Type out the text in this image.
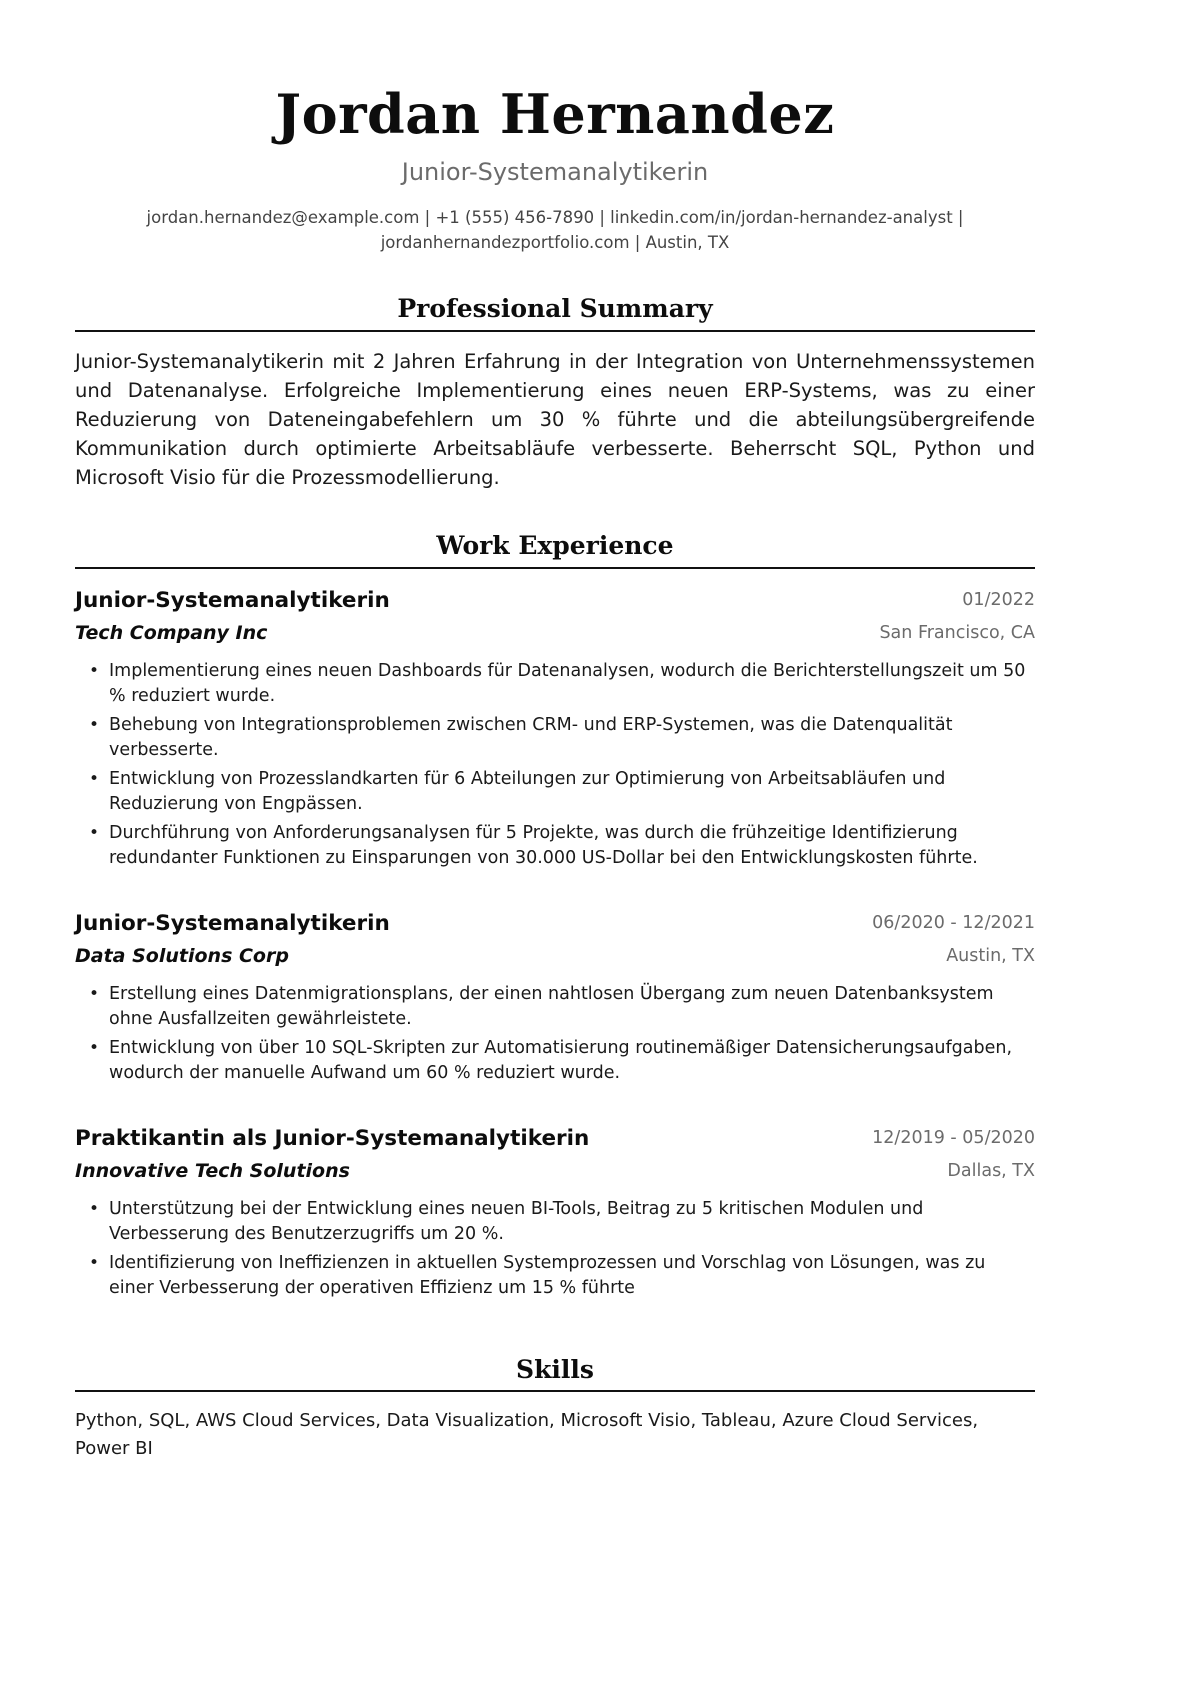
Jordan Hernandez
Junior-Systemanalytikerin
jordan.hernandez@example.com | +1 (555) 456-7890 | linkedin.com/in/jordan-hernandez-analyst |
jordanhernandezportfolio.com | Austin, TX
Professional Summary
Junior-Systemanalytikerin mit 2 Jahren Erfahrung in der Integration von Unternehmenssystemen und Datenanalyse. Erfolgreiche Implementierung eines neuen ERP-Systems, was zu einer Reduzierung von Dateneingabefehlern um 30 % führte und die abteilungsübergreifende Kommunikation durch optimierte Arbeitsabläufe verbesserte. Beherrscht SQL, Python und Microsoft Visio für die Prozessmodellierung.
Work Experience
Junior-Systemanalytikerin	01/2022
Tech Company Inc	San Francisco, CA
• Implementierung eines neuen Dashboards für Datenanalysen, wodurch die Berichterstellungszeit um 50 % reduziert wurde.
• Behebung von Integrationsproblemen zwischen CRM- und ERP-Systemen, was die Datenqualität verbesserte.
• Entwicklung von Prozesslandkarten für 6 Abteilungen zur Optimierung von Arbeitsabläufen und Reduzierung von Engpässen.
• Durchführung von Anforderungsanalysen für 5 Projekte, was durch die frühzeitige Identifizierung redundanter Funktionen zu Einsparungen von 30.000 US-Dollar bei den Entwicklungskosten führte.
Junior-Systemanalytikerin	06/2020 - 12/2021
Data Solutions Corp	Austin, TX
• Erstellung eines Datenmigrationsplans, der einen nahtlosen Übergang zum neuen Datenbanksystem ohne Ausfallzeiten gewährleistete.
• Entwicklung von über 10 SQL-Skripten zur Automatisierung routinemäßiger Datensicherungsaufgaben, wodurch der manuelle Aufwand um 60 % reduziert wurde.
Praktikantin als Junior-Systemanalytikerin	12/2019 - 05/2020
Innovative Tech Solutions	Dallas, TX
• Unterstützung bei der Entwicklung eines neuen BI-Tools, Beitrag zu 5 kritischen Modulen und Verbesserung des Benutzerzugriffs um 20 %.
• Identifizierung von Ineffizienzen in aktuellen Systemprozessen und Vorschlag von Lösungen, was zu einer Verbesserung der operativen Effizienz um 15 % führte
Skills
Python, SQL, AWS Cloud Services, Data Visualization, Microsoft Visio, Tableau, Azure Cloud Services, Power BI
